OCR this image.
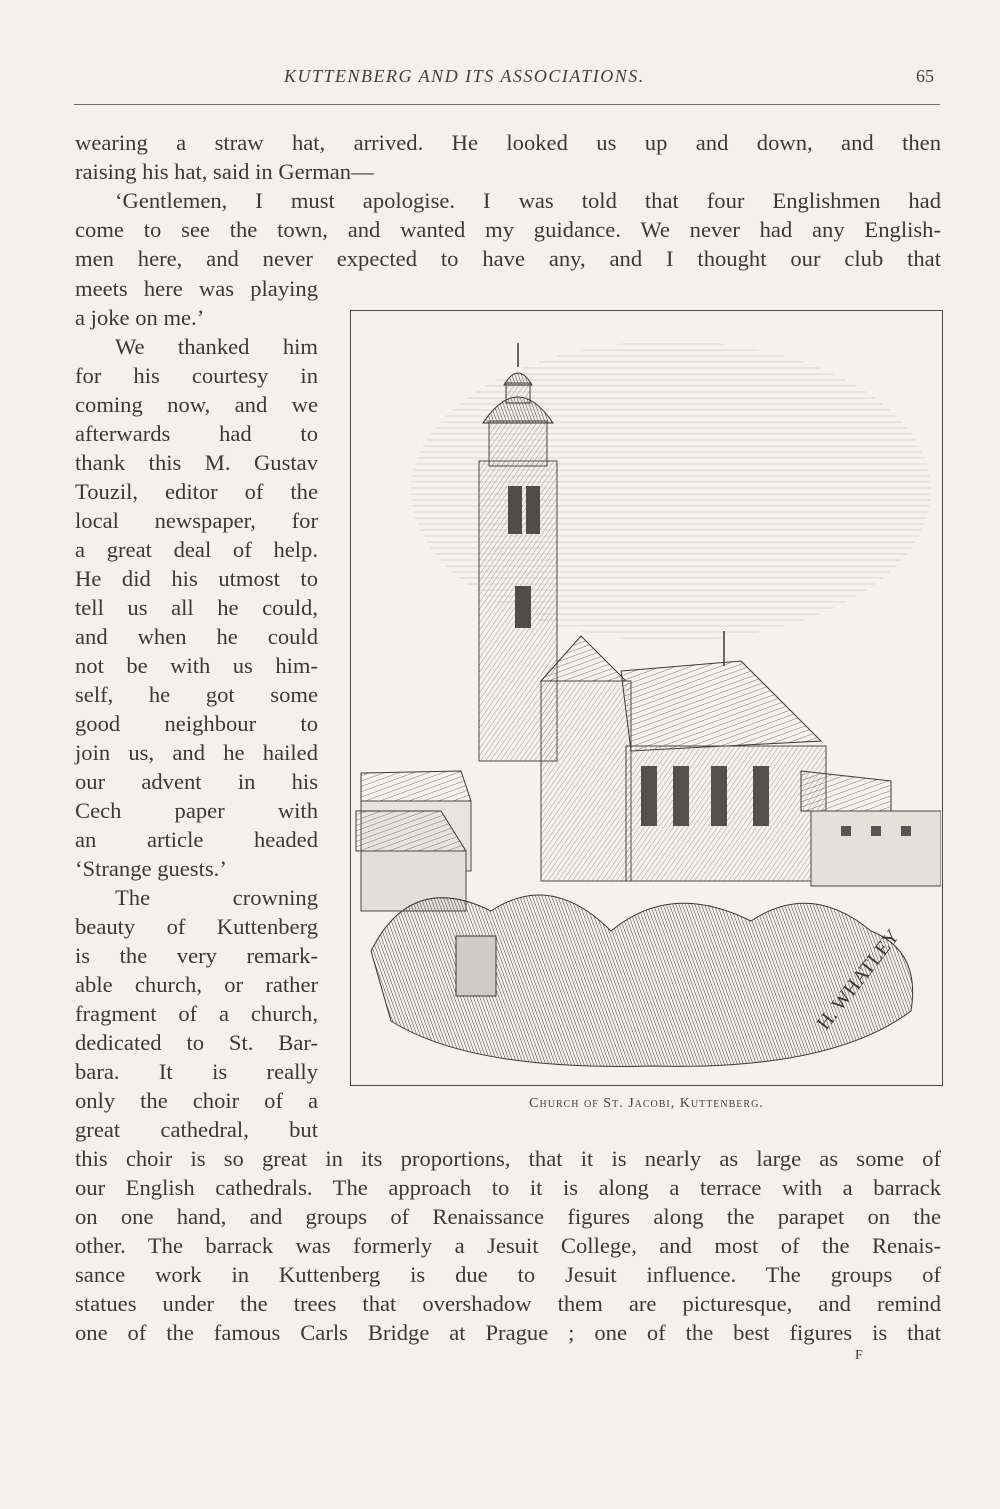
KUTTENBERG AND ITS ASSOCIATIONS.	65
wearing a straw hat, arrived. He looked us up and down, and then
raising his hat, said in German—
‘Gentlemen, I must apologise. I was told that four Englishmen had
come to see the town, and wanted my guidance. We never had any English-
men here, and never expected to have any, and I thought our club that
meets here was playing
a joke on me.’
We thanked him
for his courtesy in
coming now, and we
afterwards had to
thank this M. Gustav
Touzil, editor of the
local newspaper, for
a great deal of help.
He did his utmost to
tell us all he could,
and when he could
not be with us him-
self, he got some
good neighbour to
join us, and he hailed
our advent in his
Cech paper with
an article headed
‘Strange guests.’
The crowning
beauty of Kuttenberg
is the very remark-
able church, or rather
fragment of a church,
dedicated to St. Bar-
bara. It is really
only the choir of a
great cathedral, but
this choir is so great in its proportions, that it is nearly as large as some of
our English cathedrals. The approach to it is along a terrace with a barrack
on one hand, and groups of Renaissance figures along the parapet on the
other. The barrack was formerly a Jesuit College, and most of the Renais-
sance work in Kuttenberg is due to Jesuit influence. The groups of
statues under the trees that overshadow them are picturesque, and remind
one of the famous Carls Bridge at Prague ; one of the best figures is that
H. WHATLEY
Church of St. Jacobi, Kuttenberg.
F
